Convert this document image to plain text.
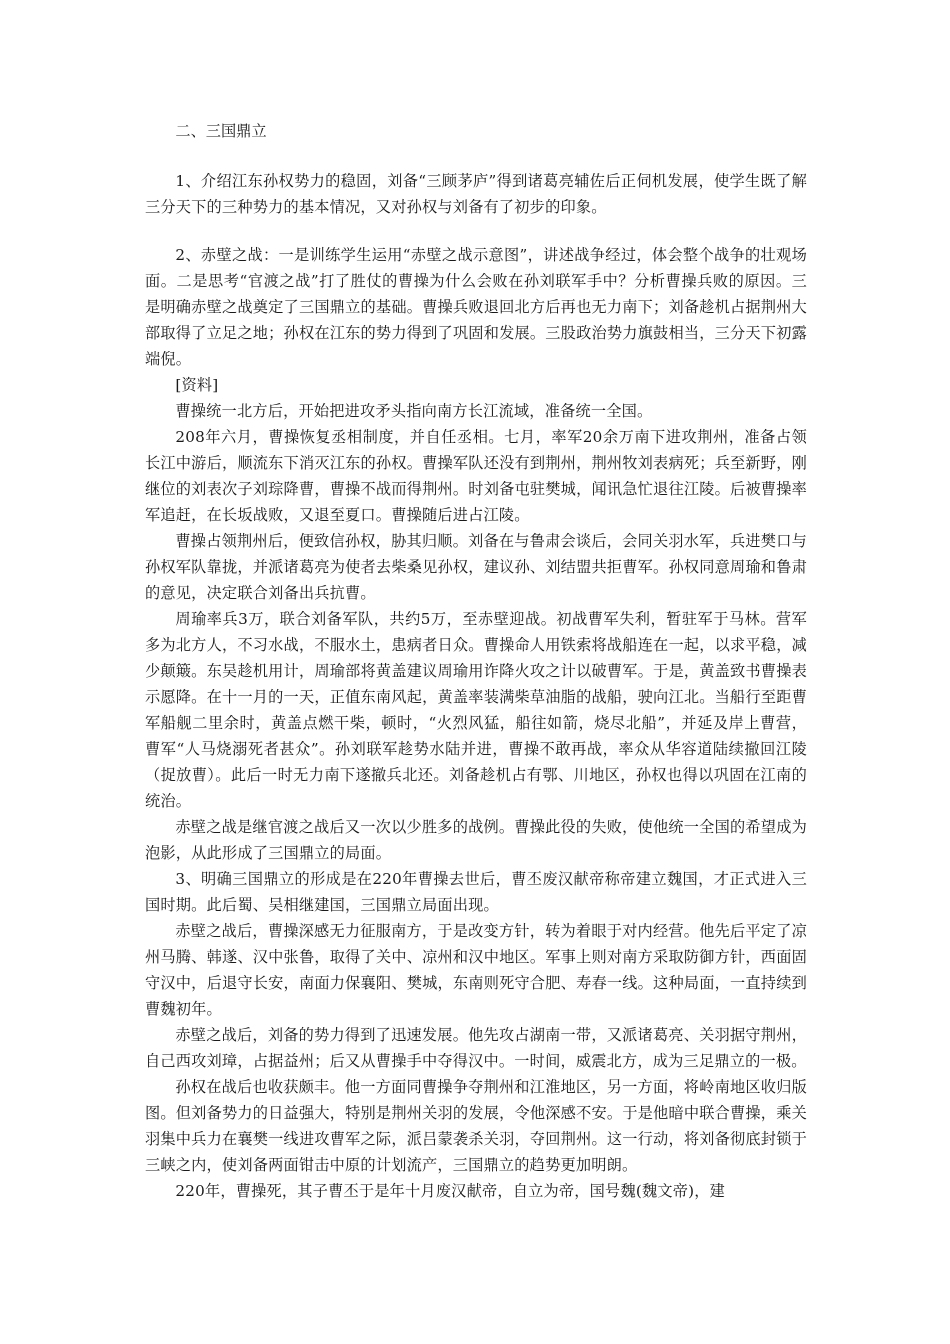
二、三国鼎立

1、介绍江东孙权势力的稳固，刘备“三顾茅庐”得到诸葛亮辅佐后正伺机发展，使学生既了解三分天下的三种势力的基本情况，又对孙权与刘备有了初步的印象。

2、赤壁之战：一是训练学生运用“赤壁之战示意图”，讲述战争经过，体会整个战争的壮观场面。二是思考“官渡之战”打了胜仗的曹操为什么会败在孙刘联军手中？分析曹操兵败的原因。三是明确赤壁之战奠定了三国鼎立的基础。曹操兵败退回北方后再也无力南下；刘备趁机占据荆州大部取得了立足之地；孙权在江东的势力得到了巩固和发展。三股政治势力旗鼓相当，三分天下初露端倪。

[资料]

曹操统一北方后，开始把进攻矛头指向南方长江流域，准备统一全国。

208年六月，曹操恢复丞相制度，并自任丞相。七月，率军20余万南下进攻荆州，准备占领长江中游后，顺流东下消灭江东的孙权。曹操军队还没有到荆州，荆州牧刘表病死；兵至新野，刚继位的刘表次子刘琮降曹，曹操不战而得荆州。时刘备屯驻樊城，闻讯急忙退往江陵。后被曹操率军追赶，在长坂战败，又退至夏口。曹操随后进占江陵。

曹操占领荆州后，便致信孙权，胁其归顺。刘备在与鲁肃会谈后，会同关羽水军，兵进樊口与孙权军队靠拢，并派诸葛亮为使者去柴桑见孙权，建议孙、刘结盟共拒曹军。孙权同意周瑜和鲁肃的意见，决定联合刘备出兵抗曹。

周瑜率兵3万，联合刘备军队，共约5万，至赤壁迎战。初战曹军失利，暂驻军于马林。营军多为北方人，不习水战，不服水土，患病者日众。曹操命人用铁索将战船连在一起，以求平稳，减少颠簸。东吴趁机用计，周瑜部将黄盖建议周瑜用诈降火攻之计以破曹军。于是，黄盖致书曹操表示愿降。在十一月的一天，正值东南风起，黄盖率装满柴草油脂的战船，驶向江北。当船行至距曹军船舰二里余时，黄盖点燃干柴，顿时，“火烈风猛，船往如箭，烧尽北船”，并延及岸上曹营，曹军“人马烧溺死者甚众”。孙刘联军趁势水陆并进，曹操不敢再战，率众从华容道陆续撤回江陵（捉放曹）。此后一时无力南下遂撤兵北还。刘备趁机占有鄂、川地区，孙权也得以巩固在江南的统治。

赤壁之战是继官渡之战后又一次以少胜多的战例。曹操此役的失败，使他统一全国的希望成为泡影，从此形成了三国鼎立的局面。

3、明确三国鼎立的形成是在220年曹操去世后，曹丕废汉献帝称帝建立魏国，才正式进入三国时期。此后蜀、吴相继建国，三国鼎立局面出现。

赤壁之战后，曹操深感无力征服南方，于是改变方针，转为着眼于对内经营。他先后平定了凉州马腾、韩遂、汉中张鲁，取得了关中、凉州和汉中地区。军事上则对南方采取防御方针，西面固守汉中，后退守长安，南面力保襄阳、樊城，东南则死守合肥、寿春一线。这种局面，一直持续到曹魏初年。

赤壁之战后，刘备的势力得到了迅速发展。他先攻占湖南一带，又派诸葛亮、关羽据守荆州，自己西攻刘璋，占据益州；后又从曹操手中夺得汉中。一时间，威震北方，成为三足鼎立的一极。

孙权在战后也收获颇丰。他一方面同曹操争夺荆州和江淮地区，另一方面，将岭南地区收归版图。但刘备势力的日益强大，特别是荆州关羽的发展，令他深感不安。于是他暗中联合曹操，乘关羽集中兵力在襄樊一线进攻曹军之际，派吕蒙袭杀关羽，夺回荆州。这一行动，将刘备彻底封锁于三峡之内，使刘备两面钳击中原的计划流产，三国鼎立的趋势更加明朗。

220年，曹操死，其子曹丕于是年十月废汉献帝，自立为帝，国号魏(魏文帝)，建
